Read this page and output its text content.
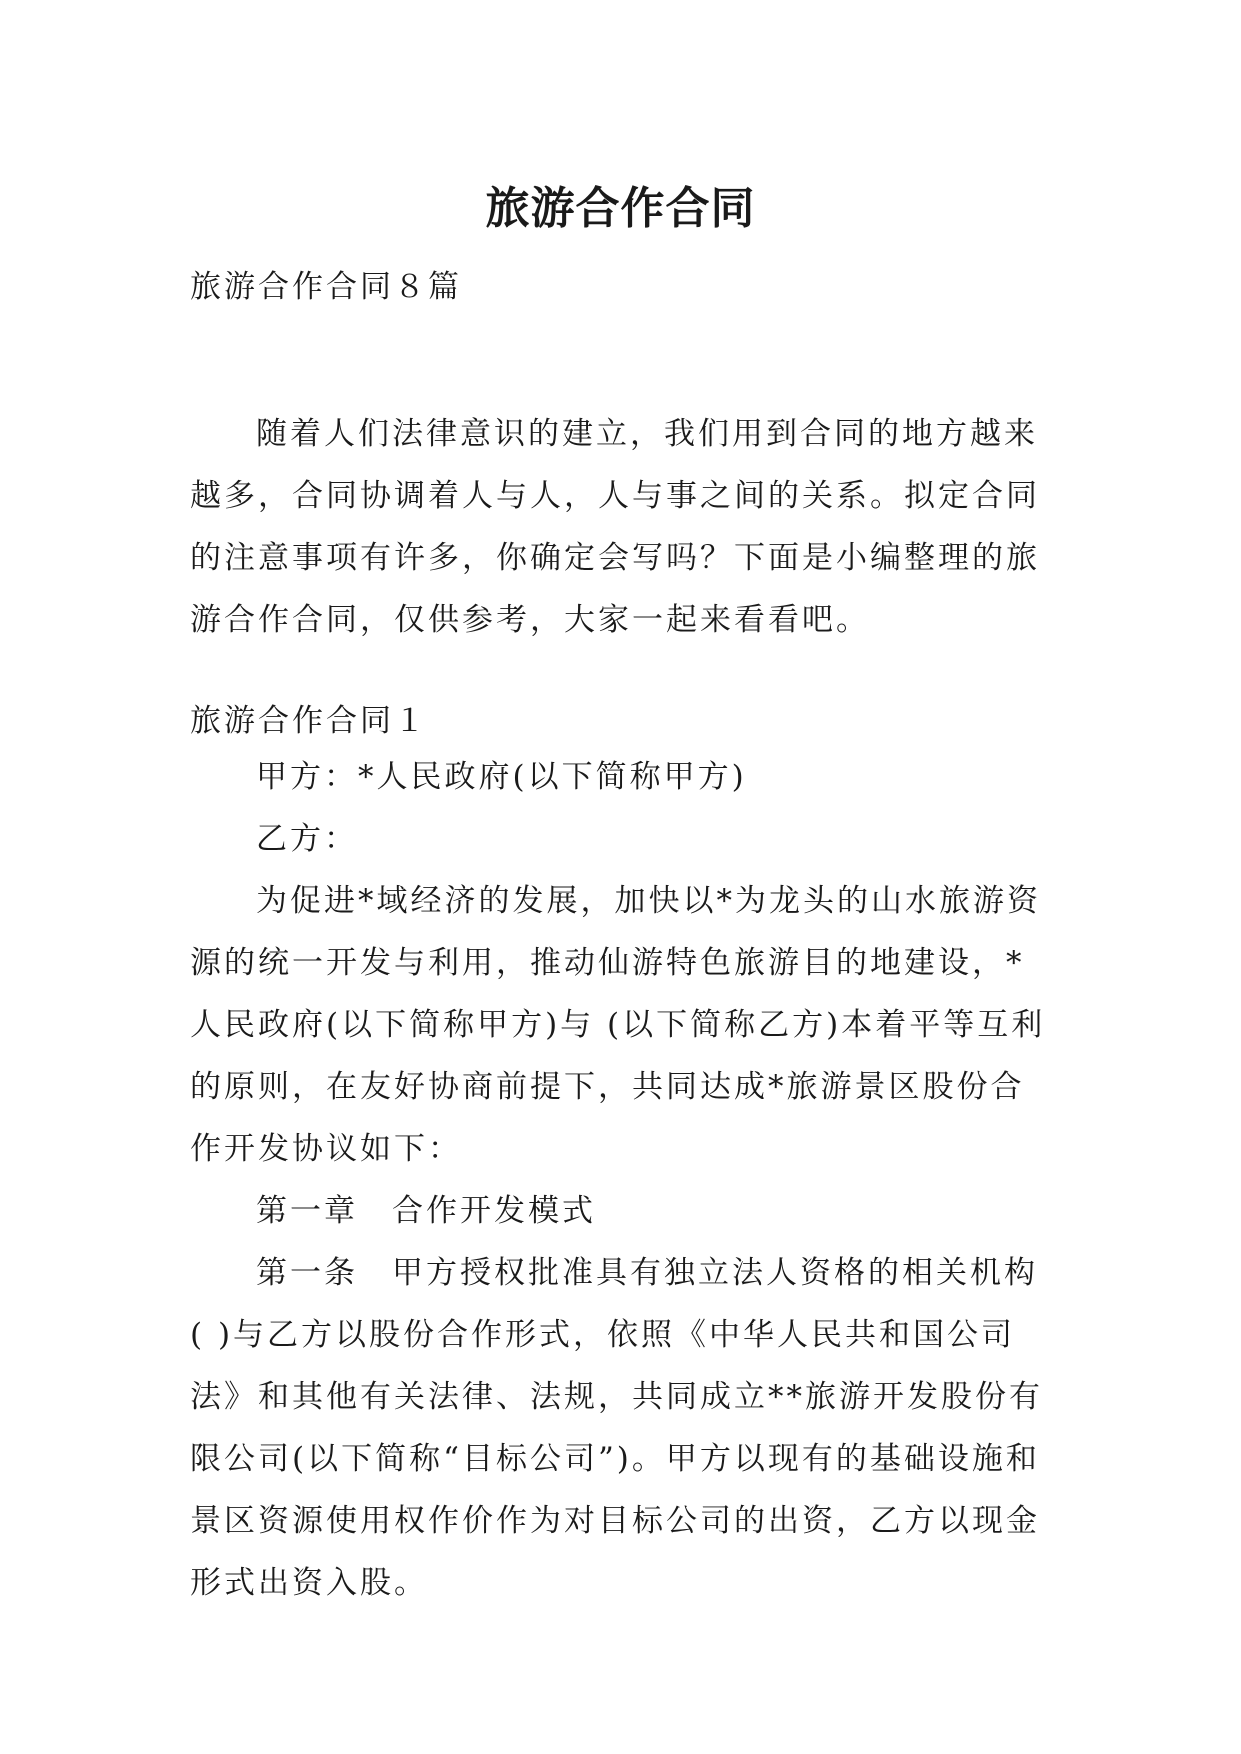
旅游合作合同
旅游合作合同８篇

随着人们法律意识的建立，我们用到合同的地方越来越多，合同协调着人与人，人与事之间的关系。拟定合同的注意事项有许多，你确定会写吗？下面是小编整理的旅游合作合同，仅供参考，大家一起来看看吧。

旅游合作合同１

甲方：*人民政府(以下简称甲方)

乙方：

为促进*域经济的发展，加快以*为龙头的山水旅游资源的统一开发与利用，推动仙游特色旅游目的地建设，*人民政府(以下简称甲方)与 (以下简称乙方)本着平等互利的原则，在友好协商前提下，共同达成*旅游景区股份合作开发协议如下：

第一章　合作开发模式

第一条　甲方授权批准具有独立法人资格的相关机构( )与乙方以股份合作形式，依照《中华人民共和国公司法》和其他有关法律、法规，共同成立**旅游开发股份有限公司(以下简称“目标公司”)。甲方以现有的基础设施和景区资源使用权作价作为对目标公司的出资，乙方以现金形式出资入股。
